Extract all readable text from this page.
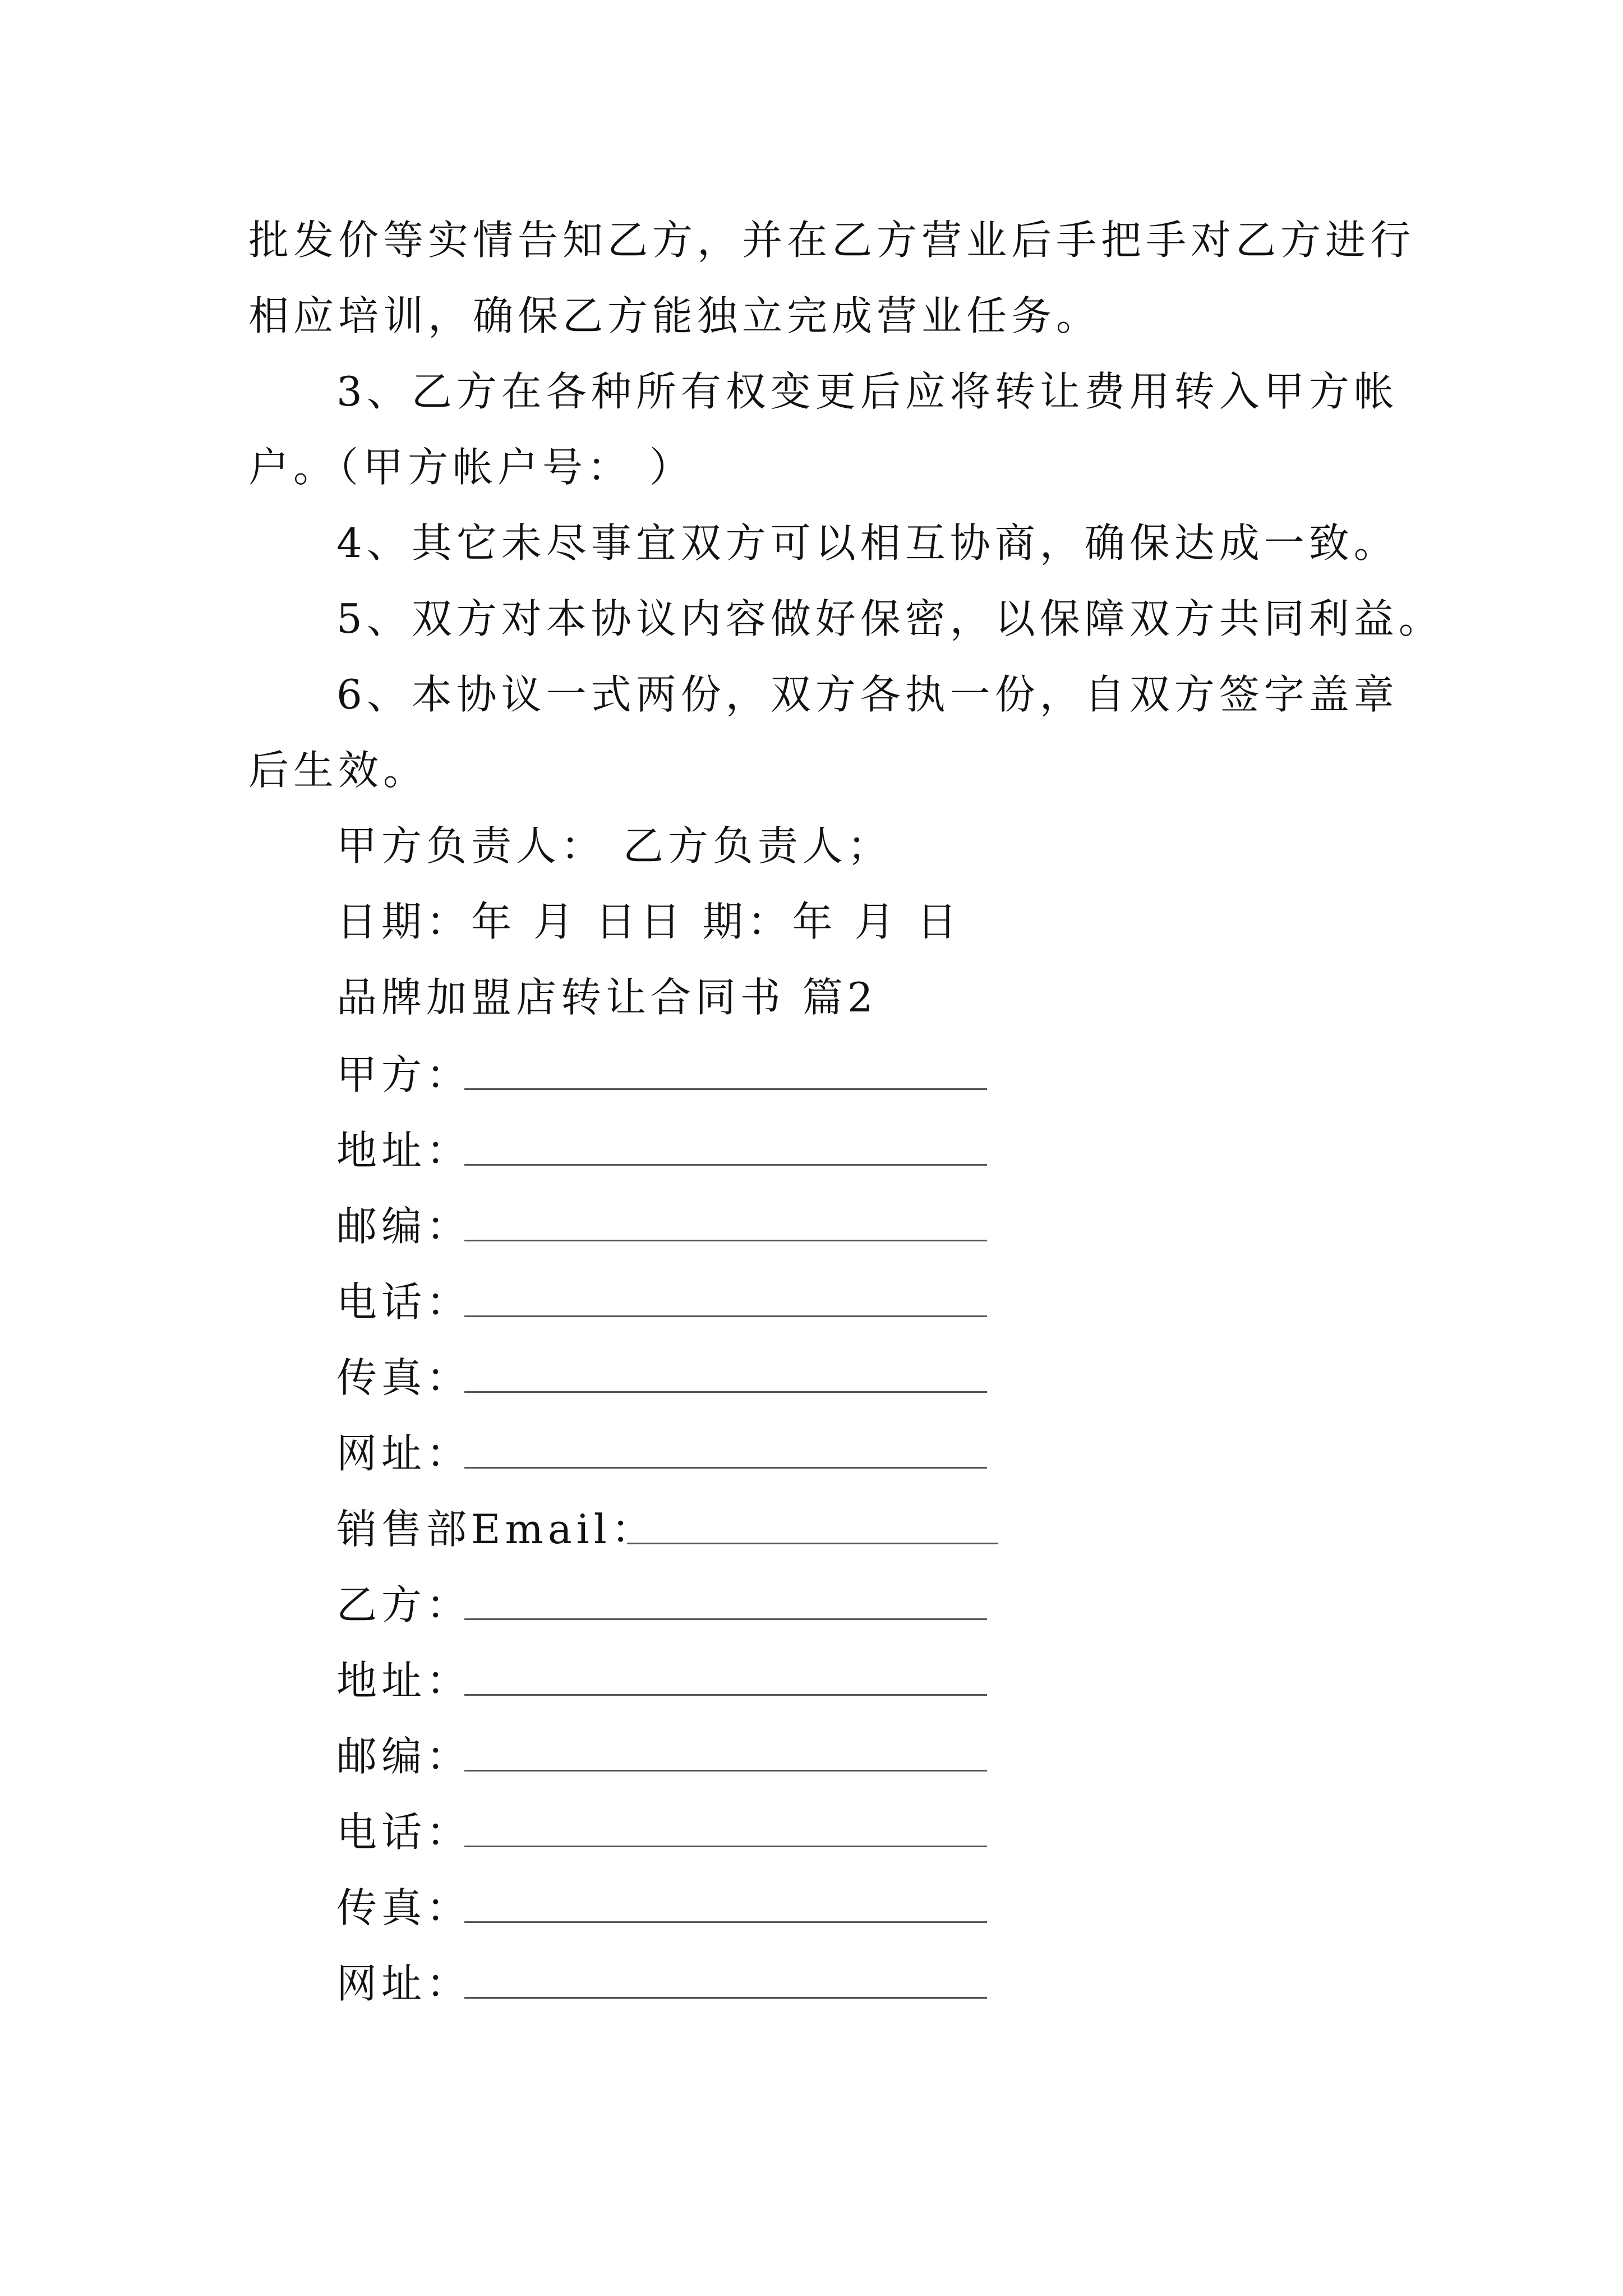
批发价等实情告知乙方，并在乙方营业后手把手对乙方进行
相应培训，确保乙方能独立完成营业任务。
3、乙方在各种所有权变更后应将转让费用转入甲方帐
户。（甲方帐户号： ）
4、其它未尽事宜双方可以相互协商，确保达成一致。
5、双方对本协议内容做好保密，以保障双方共同利益。
6、本协议一式两份，双方各执一份，自双方签字盖章
后生效。
甲方负责人： 乙方负责人；
日期：年 月 日日 期：年 月 日
品牌加盟店转让合同书 篇2
甲方：
地址：
邮编：
电话：
传真：
网址：
销售部Email：
乙方：
地址：
邮编：
电话：
传真：
网址：
